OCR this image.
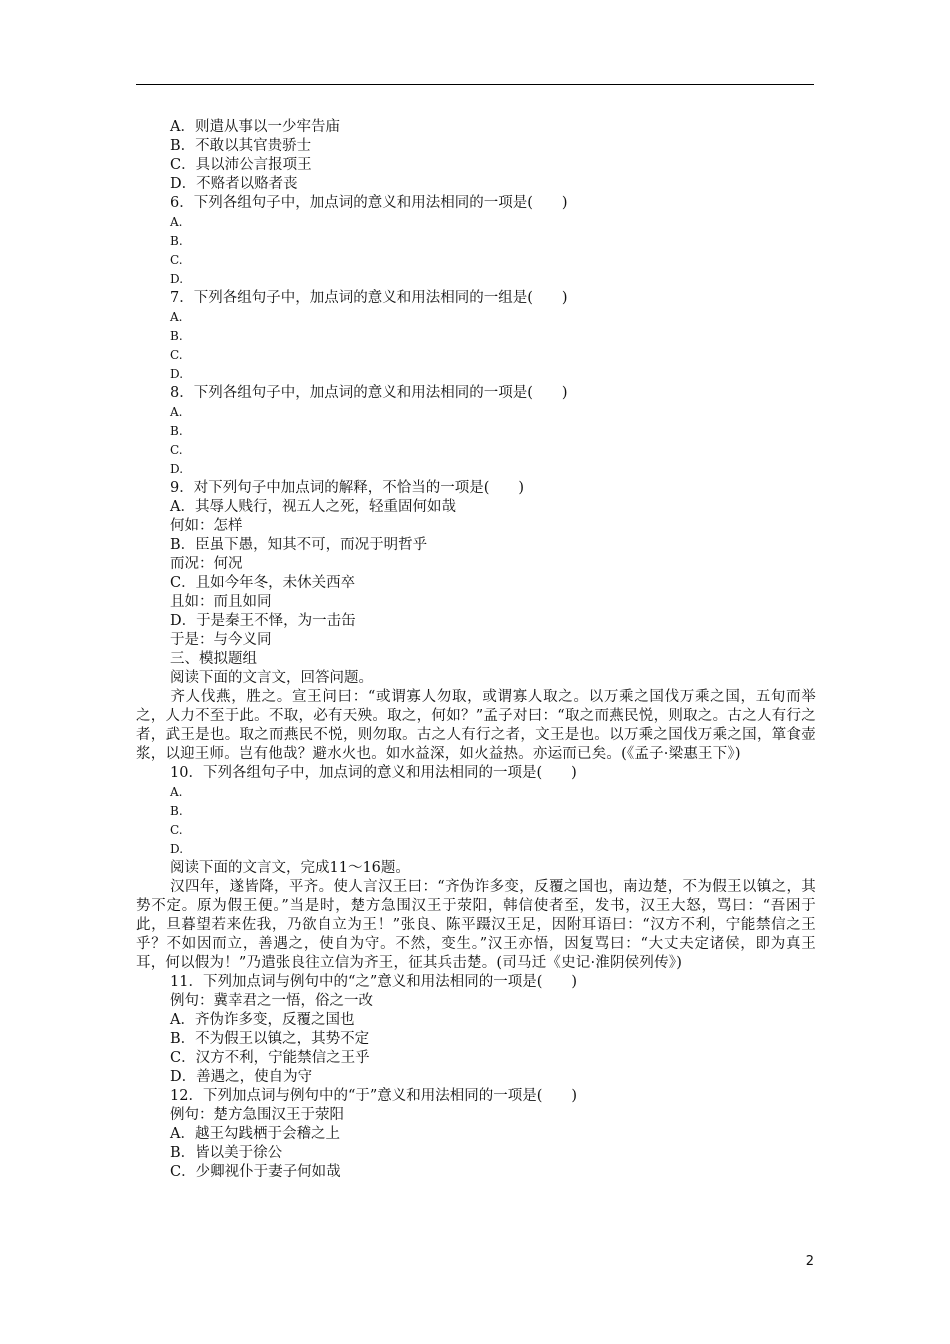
A．则遣从事以一少牢告庙
B．不敢以其官贵骄士
C．具以沛公言报项王
D．不赂者以赂者丧
6．下列各组句子中，加点词的意义和用法相同的一项是(　　)
A.
B.
C.
D.
7．下列各组句子中，加点词的意义和用法相同的一组是(　　)
A.
B.
C.
D.
8．下列各组句子中，加点词的意义和用法相同的一项是(　　)
A.
B.
C.
D.
9．对下列句子中加点词的解释，不恰当的一项是(　　)
A．其辱人贱行，视五人之死，轻重固何如哉
何如：怎样
B．臣虽下愚，知其不可，而况于明哲乎
而况：何况
C．且如今年冬，未休关西卒
且如：而且如同
D．于是秦王不怿，为一击缶
于是：与今义同
三、模拟题组
阅读下面的文言文，回答问题。
齐人伐燕，胜之。宣王问曰：“或谓寡人勿取，或谓寡人取之。以万乘之国伐万乘之国，五旬而举之，人力不至于此。不取，必有天殃。取之，何如？”孟子对曰：“取之而燕民悦，则取之。古之人有行之者，武王是也。取之而燕民不悦，则勿取。古之人有行之者，文王是也。以万乘之国伐万乘之国，箪食壶浆，以迎王师。岂有他哉？避水火也。如水益深，如火益热。亦运而已矣。(《孟子·梁惠王下》)
10．下列各组句子中，加点词的意义和用法相同的一项是(　　)
A.
B.
C.
D.
阅读下面的文言文，完成11～16题。
汉四年，遂皆降，平齐。使人言汉王曰：“齐伪诈多变，反覆之国也，南边楚，不为假王以镇之，其势不定。原为假王便。”当是时，楚方急围汉王于荥阳，韩信使者至，发书，汉王大怒，骂曰：“吾困于此，旦暮望若来佐我，乃欲自立为王！”张良、陈平蹑汉王足，因附耳语曰：“汉方不利，宁能禁信之王乎？不如因而立，善遇之，使自为守。不然，变生。”汉王亦悟，因复骂曰：“大丈夫定诸侯，即为真王耳，何以假为！”乃遣张良往立信为齐王，征其兵击楚。(司马迁《史记·淮阴侯列传》)
11．下列加点词与例句中的“之”意义和用法相同的一项是(　　)
例句：冀幸君之一悟，俗之一改
A．齐伪诈多变，反覆之国也
B．不为假王以镇之，其势不定
C．汉方不利，宁能禁信之王乎
D．善遇之，使自为守
12．下列加点词与例句中的“于”意义和用法相同的一项是(　　)
例句：楚方急围汉王于荥阳
A．越王勾践栖于会稽之上
B．皆以美于徐公
C．少卿视仆于妻子何如哉
2
